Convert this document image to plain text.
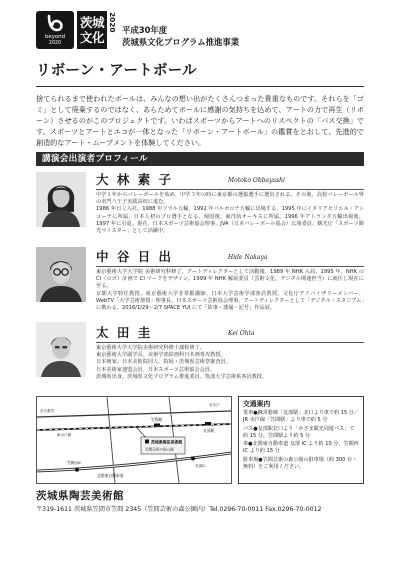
beyond
2020
茨城
文化
2020 平成30年度
茨城県文化プログラム推進事業
リボーン・アートボール

捨てられるまで使われたボールは、みんなの想い出がたくさんつまった貴重なものです。それらを「ゴミ」として廃棄するのではなく、あらためてボールに感謝の気持ちを込めて、アートの力で再生（リボーン）させるのがこのプロジェクトです。いわばスポーツからアートへのリスペクトの「パス交換」です。スポーツとアートとエコが一体となった「リボーン・アートボール」の鑑賞をとおして、先進的で創造的なアート・ムーブメントを体験してください。

講演会出演者プロフィール
大 林 素 子	Motoko Obbayashi

中学１年からバレーボールを始め、中学３年の時に東京都の選抜選手に選出される。その後、高校バレーボール界の名門八王子実践高校に進む。

1986 年日立入社。1988 年ソウル五輪、1992 年バルセロナ五輪に出場する。1995 年にイタリアセリエＡ・アンコーナに所属、日本人初のプロ選手となる。帰国後、東洋紡オーキスに所属。1996 年アトランタ五輪出場後、1997 年に引退。現在、日本スポーツ芸術協会理事、JVA（日本バレーボール協会）広報委員、観光庁「スポーツ観光マイスター」として活躍中。

中 谷 日 出	Hide Nakaya

東京藝術大学大学院 美術研究科修了。アートディレクターとして活動後、1989 年 NHK 入局。1995 年、NHK の CI（ロゴ）計画で CI マークをデザイン。1999 年 NHK 解説委員（芸術文化、デジタル関連担当）に就任し現在に至る。

京都大学特任教授、東京藝術大学非常勤講師、日本大学芸術学部客員教授。文化庁アドバイザリーメンバー、WebTV「大学芸術楽授」理事長。日本スポーツ芸術協会理事。アートディレクターとして「デジタル・スタジアム」に携わる。2016/1/29〜2/7 SPACE YUI にて「故事・漆俑・記号」作品展。

太 田 圭	Kei Ohta

東京藝術大学大学院美術研究科修士課程修了。

東京藝術大学副学長、美術学部絵画科日本画専攻教授。

日本画家。日本美術院同人、院展・茨城県芸術祭審査員。

日本美術家連盟会員、日本スポーツ芸術協会会員。

茨城県出身。茨城県文化プログラム推進委員、筑波大学芸術系客員教授。

茨城県陶芸美術館
笠間芸術の森公園
笠間駅
友部駅
JR水戸線
北関東自動車道
笠間西IC
友部IC
至宇都宮
至水戸	交通案内

電車●JR常磐線「友部駅」北口より車で約 15 分／JR 水戸線「笠間駅」より車で約 5 分

バス●友部駅北口より「かさま観光周遊バス」で約 15 分、笠間駅より約 5 分

車●北関東自動車道 友部 IC より約 10 分、笠間西 IC より約 15 分

駐車場●笠間芸術の森公園の駐車場（約 300 台・無料）をご利用ください。

茨城県陶芸美術館
〒319-1611 茨城県笠間市笠間 2345（笠間芸術の森公園内）Tel.0296-70-0011 Fax.0296-70-0012
